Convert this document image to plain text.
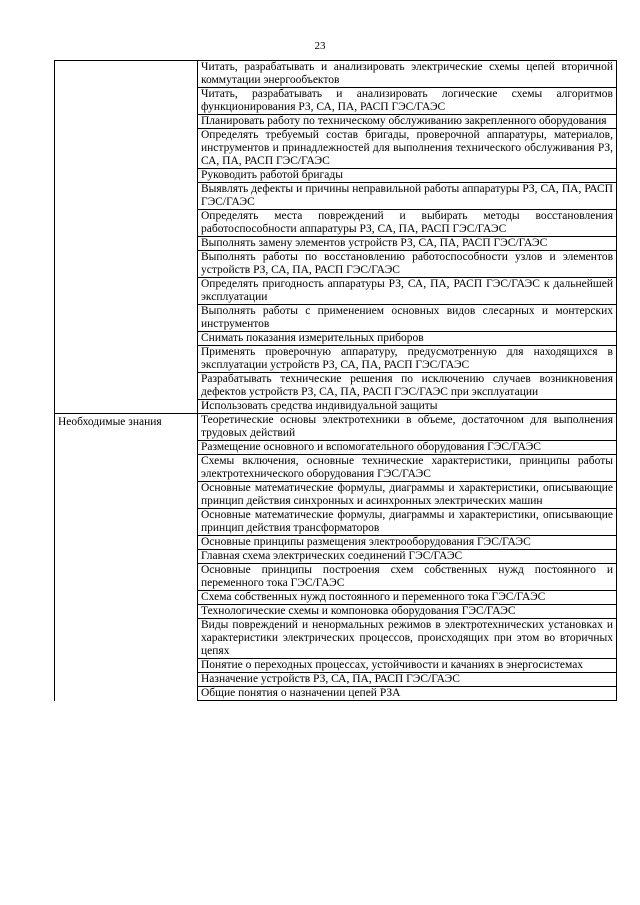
23
	Читать, разрабатывать и анализировать электрические схемы цепей вторичной коммутации энергообъектов
	Читать, разрабатывать и анализировать логические схемы алгоритмов функционирования РЗ, СА, ПА, РАСП ГЭС/ГАЭС
	Планировать работу по техническому обслуживанию закрепленного оборудования
	Определять требуемый состав бригады, проверочной аппаратуры, материалов, инструментов и принадлежностей для выполнения технического обслуживания РЗ, СА, ПА, РАСП ГЭС/ГАЭС
	Руководить работой бригады
	Выявлять дефекты и причины неправильной работы аппаратуры РЗ, СА, ПА, РАСП ГЭС/ГАЭС
	Определять места повреждений и выбирать методы восстановления работоспособности аппаратуры РЗ, СА, ПА, РАСП ГЭС/ГАЭС
	Выполнять замену элементов устройств РЗ, СА, ПА, РАСП ГЭС/ГАЭС
	Выполнять работы по восстановлению работоспособности узлов и элементов устройств РЗ, СА, ПА, РАСП ГЭС/ГАЭС
	Определять пригодность аппаратуры РЗ, СА, ПА, РАСП ГЭС/ГАЭС к дальнейшей эксплуатации
	Выполнять работы с применением основных видов слесарных и монтерских инструментов
	Снимать показания измерительных приборов
	Применять проверочную аппаратуру, предусмотренную для находящихся в эксплуатации устройств РЗ, СА, ПА, РАСП ГЭС/ГАЭС
	Разрабатывать технические решения по исключению случаев возникновения дефектов устройств РЗ, СА, ПА, РАСП ГЭС/ГАЭС при эксплуатации
	Использовать средства индивидуальной защиты
Необходимые знания	Теоретические основы электротехники в объеме, достаточном для выполнения трудовых действий
	Размещение основного и вспомогательного оборудования ГЭС/ГАЭС
	Схемы включения, основные технические характеристики, принципы работы электротехнического оборудования ГЭС/ГАЭС
	Основные математические формулы, диаграммы и характеристики, описывающие принцип действия синхронных и асинхронных электрических машин
	Основные математические формулы, диаграммы и характеристики, описывающие принцип действия трансформаторов
	Основные принципы размещения электрооборудования ГЭС/ГАЭС
	Главная схема электрических соединений ГЭС/ГАЭС
	Основные принципы построения схем собственных нужд постоянного и переменного тока ГЭС/ГАЭС
	Схема собственных нужд постоянного и переменного тока ГЭС/ГАЭС
	Технологические схемы и компоновка оборудования ГЭС/ГАЭС
	Виды повреждений и ненормальных режимов в электротехнических установках и характеристики электрических процессов, происходящих при этом во вторичных цепях
	Понятие о переходных процессах, устойчивости и качаниях в энергосистемах
	Назначение устройств РЗ, СА, ПА, РАСП ГЭС/ГАЭС
	Общие понятия о назначении цепей РЗА
